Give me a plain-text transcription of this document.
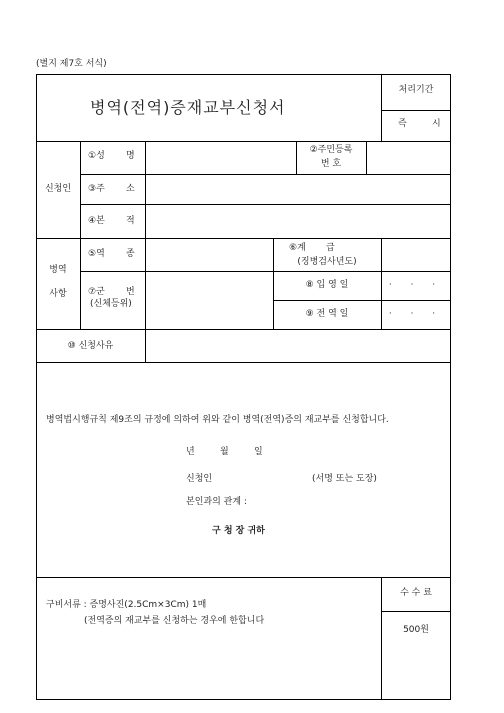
(별지 제7호 서식)
병역(전역)증재교부신청서
처리기간
즉	시
신청인
①성 명
②주민등록
번 호
③주 소
④본 적
병역
사항
⑤역 종
⑥계 급
(징병검사년도)
⑦군 번
(신체등위)
⑧ 입 영 일	· · ·
⑨ 전 역 일	· · ·
⑩ 신청사유
병역법시행규칙 제9조의 규정에 의하여 위와 같이 병역(전역)증의 재교부를 신청합니다.
년	월	일
신청인	(서명 또는 도장)
본인과의 관계 :
구 청 장 귀하
구비서류 : 증명사진(2.5Cm×3Cm) 1매
(전역증의 재교부를 신청하는 경우에 한합니다
수 수 료
500원
